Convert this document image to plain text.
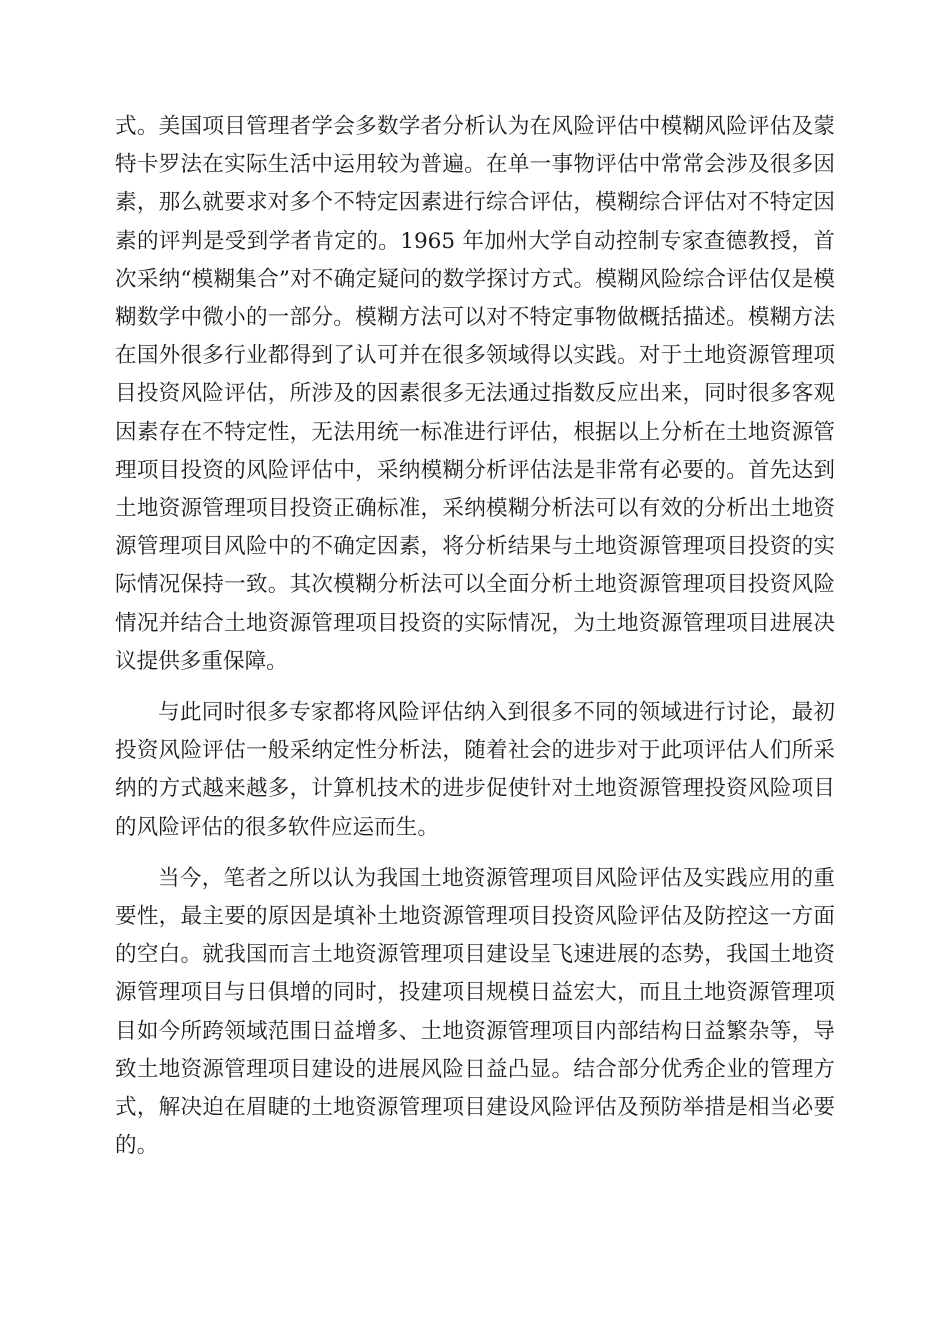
式。美国项目管理者学会多数学者分析认为在风险评估中模糊风险评估及蒙特卡罗法在实际生活中运用较为普遍。在单一事物评估中常常会涉及很多因素，那么就要求对多个不特定因素进行综合评估，模糊综合评估对不特定因素的评判是受到学者肯定的。1965 年加州大学自动控制专家查德教授，首次采纳“模糊集合”对不确定疑问的数学探讨方式。模糊风险综合评估仅是模糊数学中微小的一部分。模糊方法可以对不特定事物做概括描述。模糊方法在国外很多行业都得到了认可并在很多领域得以实践。对于土地资源管理项目投资风险评估，所涉及的因素很多无法通过指数反应出来，同时很多客观因素存在不特定性，无法用统一标准进行评估，根据以上分析在土地资源管理项目投资的风险评估中，采纳模糊分析评估法是非常有必要的。首先达到土地资源管理项目投资正确标准，采纳模糊分析法可以有效的分析出土地资源管理项目风险中的不确定因素，将分析结果与土地资源管理项目投资的实际情况保持一致。其次模糊分析法可以全面分析土地资源管理项目投资风险情况并结合土地资源管理项目投资的实际情况，为土地资源管理项目进展决议提供多重保障。

与此同时很多专家都将风险评估纳入到很多不同的领域进行讨论，最初投资风险评估一般采纳定性分析法，随着社会的进步对于此项评估人们所采纳的方式越来越多，计算机技术的进步促使针对土地资源管理投资风险项目的风险评估的很多软件应运而生。

当今，笔者之所以认为我国土地资源管理项目风险评估及实践应用的重要性，最主要的原因是填补土地资源管理项目投资风险评估及防控这一方面的空白。就我国而言土地资源管理项目建设呈飞速进展的态势，我国土地资源管理项目与日俱增的同时，投建项目规模日益宏大，而且土地资源管理项目如今所跨领域范围日益增多、土地资源管理项目内部结构日益繁杂等，导致土地资源管理项目建设的进展风险日益凸显。结合部分优秀企业的管理方式，解决迫在眉睫的土地资源管理项目建设风险评估及预防举措是相当必要的。
